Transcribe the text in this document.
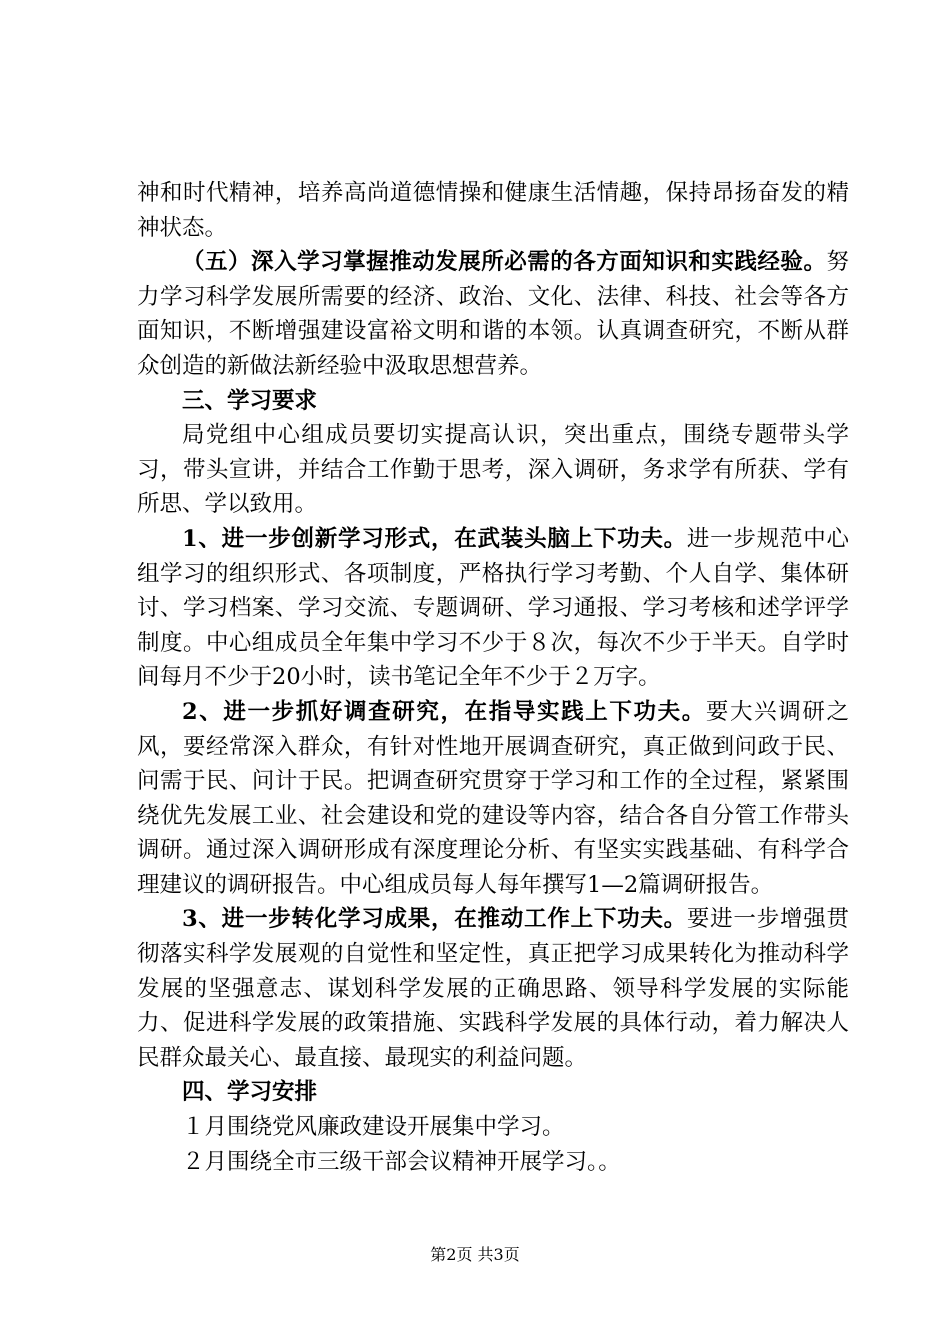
神和时代精神，培养高尚道德情操和健康生活情趣，保持昂扬奋发的精神状态。

（五）深入学习掌握推动发展所必需的各方面知识和实践经验。努力学习科学发展所需要的经济、政治、文化、法律、科技、社会等各方面知识，不断增强建设富裕文明和谐的本领。认真调查研究，不断从群众创造的新做法新经验中汲取思想营养。

三、学习要求

局党组中心组成员要切实提高认识，突出重点，围绕专题带头学习，带头宣讲，并结合工作勤于思考，深入调研，务求学有所获、学有所思、学以致用。

1、进一步创新学习形式，在武装头脑上下功夫。进一步规范中心组学习的组织形式、各项制度，严格执行学习考勤、个人自学、集体研讨、学习档案、学习交流、专题调研、学习通报、学习考核和述学评学制度。中心组成员全年集中学习不少于８次，每次不少于半天。自学时间每月不少于20小时，读书笔记全年不少于２万字。

2、进一步抓好调查研究，在指导实践上下功夫。要大兴调研之风，要经常深入群众，有针对性地开展调查研究，真正做到问政于民、问需于民、问计于民。把调查研究贯穿于学习和工作的全过程，紧紧围绕优先发展工业、社会建设和党的建设等内容，结合各自分管工作带头调研。通过深入调研形成有深度理论分析、有坚实实践基础、有科学合理建议的调研报告。中心组成员每人每年撰写1—2篇调研报告。

3、进一步转化学习成果，在推动工作上下功夫。要进一步增强贯彻落实科学发展观的自觉性和坚定性，真正把学习成果转化为推动科学发展的坚强意志、谋划科学发展的正确思路、领导科学发展的实际能力、促进科学发展的政策措施、实践科学发展的具体行动，着力解决人民群众最关心、最直接、最现实的利益问题。

四、学习安排

１月围绕党风廉政建设开展集中学习。

２月围绕全市三级干部会议精神开展学习。。

第2页 共3页
